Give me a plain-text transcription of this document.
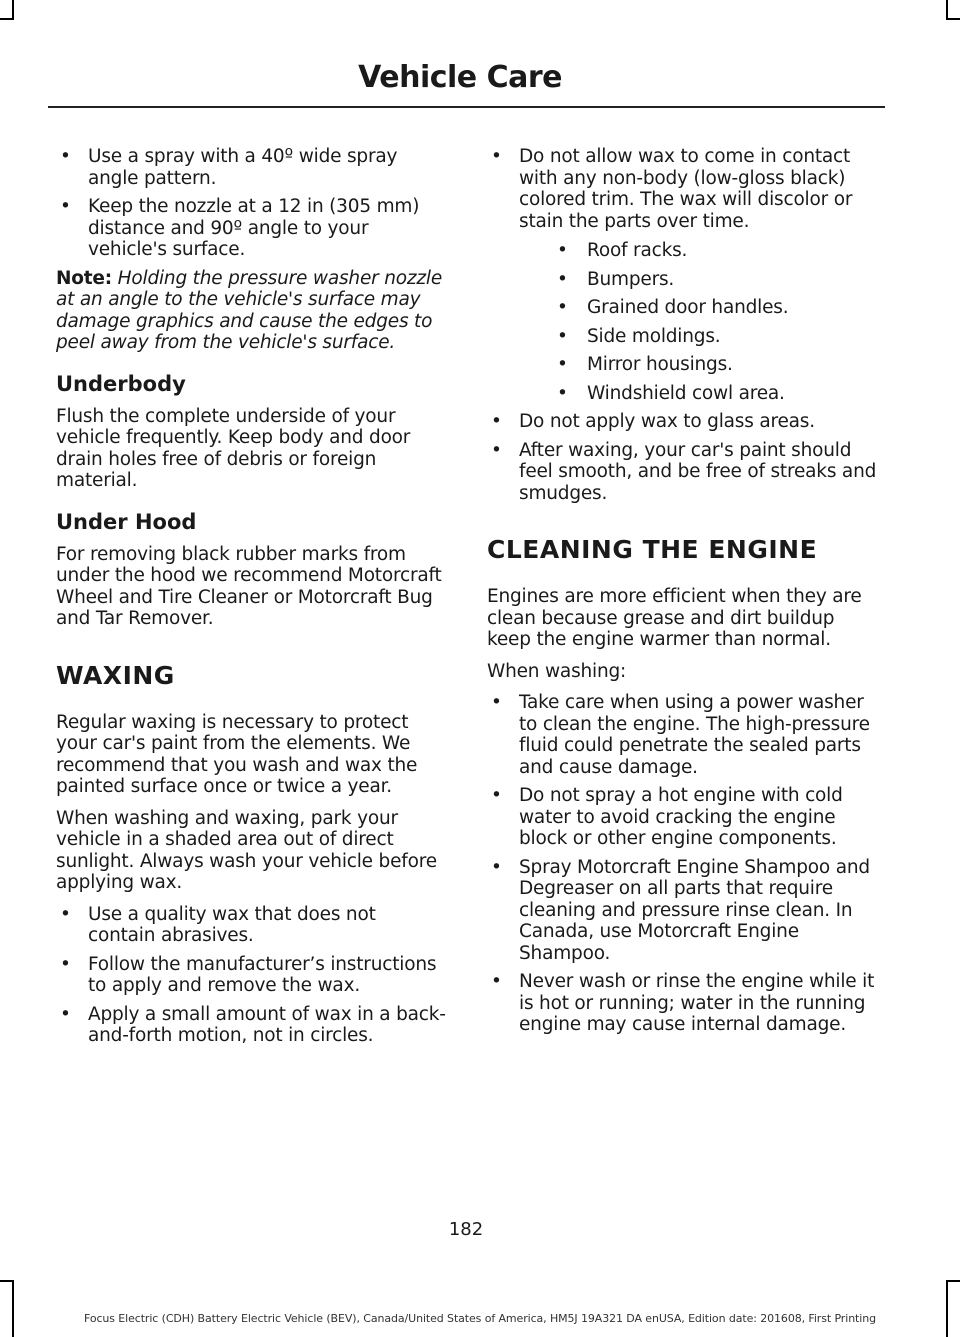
Vehicle Care
• Use a spray with a 40º wide spray angle pattern.
• Keep the nozzle at a 12 in (305 mm) distance and 90º angle to your vehicle's surface.

Note: Holding the pressure washer nozzle at an angle to the vehicle's surface may damage graphics and cause the edges to peel away from the vehicle's surface.

Underbody

Flush the complete underside of your vehicle frequently. Keep body and door drain holes free of debris or foreign material.

Under Hood

For removing black rubber marks from under the hood we recommend Motorcraft Wheel and Tire Cleaner or Motorcraft Bug and Tar Remover.

WAXING

Regular waxing is necessary to protect your car's paint from the elements. We recommend that you wash and wax the painted surface once or twice a year.

When washing and waxing, park your vehicle in a shaded area out of direct sunlight. Always wash your vehicle before applying wax.

• Use a quality wax that does not contain abrasives.
• Follow the manufacturer’s instructions to apply and remove the wax.
• Apply a small amount of wax in a back-and-forth motion, not in circles.
• Do not allow wax to come in contact with any non-body (low-gloss black) colored trim. The wax will discolor or stain the parts over time.
• Roof racks.
• Bumpers.
• Grained door handles.
• Side moldings.
• Mirror housings.
• Windshield cowl area.
• Do not apply wax to glass areas.
• After waxing, your car's paint should feel smooth, and be free of streaks and smudges.
CLEANING THE ENGINE

Engines are more efficient when they are clean because grease and dirt buildup keep the engine warmer than normal.

When washing:

• Take care when using a power washer to clean the engine. The high-pressure fluid could penetrate the sealed parts and cause damage.
• Do not spray a hot engine with cold water to avoid cracking the engine block or other engine components.
• Spray Motorcraft Engine Shampoo and Degreaser on all parts that require cleaning and pressure rinse clean. In Canada, use Motorcraft Engine Shampoo.
• Never wash or rinse the engine while it is hot or running; water in the running engine may cause internal damage.
182
Focus Electric (CDH) Battery Electric Vehicle (BEV), Canada/United States of America, HM5J 19A321 DA enUSA, Edition date: 201608, First Printing
